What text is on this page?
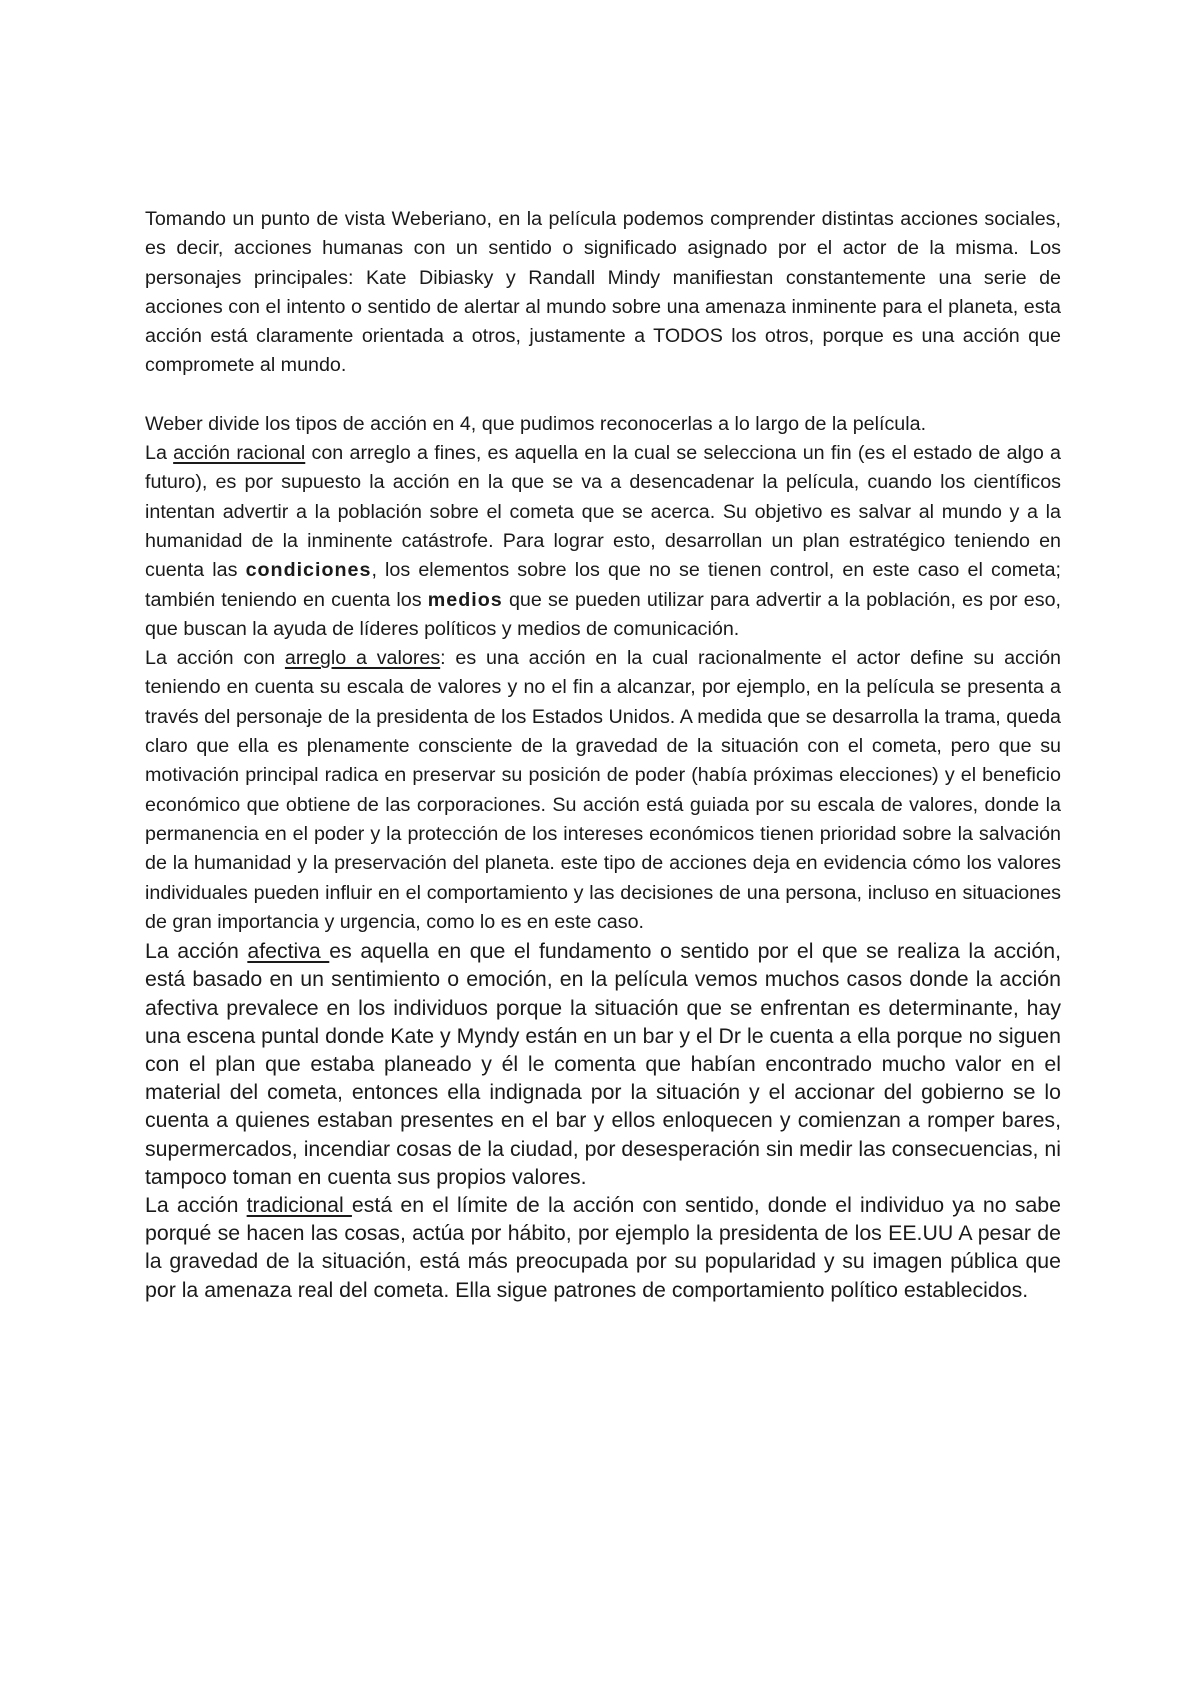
Tomando un punto de vista Weberiano, en la película podemos comprender distintas acciones sociales, es decir, acciones humanas con un sentido o significado asignado por el actor de la misma. Los personajes principales: Kate Dibiasky y Randall Mindy manifiestan constantemente una serie de acciones con el intento o sentido de alertar al mundo sobre una amenaza inminente para el planeta, esta acción está claramente orientada a otros, justamente a TODOS los otros, porque es una acción que compromete al mundo.

Weber divide los tipos de acción en 4, que pudimos reconocerlas a lo largo de la película.

La acción racional con arreglo a fines, es aquella en la cual se selecciona un fin (es el estado de algo a futuro), es por supuesto la acción en la que se va a desencadenar la película, cuando los científicos intentan advertir a la población sobre el cometa que se acerca. Su objetivo es salvar al mundo y a la humanidad de la inminente catástrofe. Para lograr esto, desarrollan un plan estratégico teniendo en cuenta las condiciones, los elementos sobre los que no se tienen control, en este caso el cometa; también teniendo en cuenta los medios que se pueden utilizar para advertir a la población, es por eso, que buscan la ayuda de líderes políticos y medios de comunicación.

La acción con arreglo a valores: es una acción en la cual racionalmente el actor define su acción teniendo en cuenta su escala de valores y no el fin a alcanzar, por ejemplo, en la película se presenta a través del personaje de la presidenta de los Estados Unidos. A medida que se desarrolla la trama, queda claro que ella es plenamente consciente de la gravedad de la situación con el cometa, pero que su motivación principal radica en preservar su posición de poder (había próximas elecciones) y el beneficio económico que obtiene de las corporaciones. Su acción está guiada por su escala de valores, donde la permanencia en el poder y la protección de los intereses económicos tienen prioridad sobre la salvación de la humanidad y la preservación del planeta. este tipo de acciones deja en evidencia cómo los valores individuales pueden influir en el comportamiento y las decisiones de una persona, incluso en situaciones de gran importancia y urgencia, como lo es en este caso.

La acción afectiva es aquella en que el fundamento o sentido por el que se realiza la acción, está basado en un sentimiento o emoción, en la película vemos muchos casos donde la acción afectiva prevalece en los individuos porque la situación que se enfrentan es determinante, hay una escena puntal donde Kate y Myndy están en un bar y el Dr le cuenta a ella porque no siguen con el plan que estaba planeado y él le comenta que habían encontrado mucho valor en el material del cometa, entonces ella indignada por la situación y el accionar del gobierno se lo cuenta a quienes estaban presentes en el bar y ellos enloquecen y comienzan a romper bares, supermercados, incendiar cosas de la ciudad, por desesperación sin medir las consecuencias, ni tampoco toman en cuenta sus propios valores.

La acción tradicional está en el límite de la acción con sentido, donde el individuo ya no sabe porqué se hacen las cosas, actúa por hábito, por ejemplo la presidenta de los EE.UU A pesar de la gravedad de la situación, está más preocupada por su popularidad y su imagen pública que por la amenaza real del cometa. Ella sigue patrones de comportamiento político establecidos.
